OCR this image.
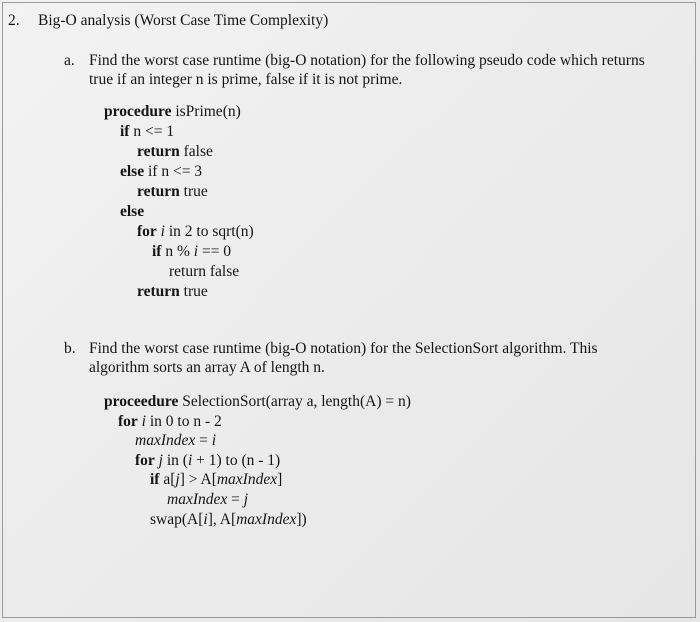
2. Big-O analysis (Worst Case Time Complexity)
a. Find the worst case runtime (big-O notation) for the following pseudo code which returns
true if an integer n is prime, false if it is not prime.
procedure isPrime(n)
if n <= 1
return false
else if n <= 3
return true
else
for i in 2 to sqrt(n)
if n % i == 0
return false
return true
b. Find the worst case runtime (big-O notation) for the SelectionSort algorithm. This
algorithm sorts an array A of length n.
proceedure SelectionSort(array a, length(A) = n)
for i in 0 to n - 2
maxIndex = i
for j in (i + 1) to (n - 1)
if a[j] > A[maxIndex]
maxIndex = j
swap(A[i], A[maxIndex])
